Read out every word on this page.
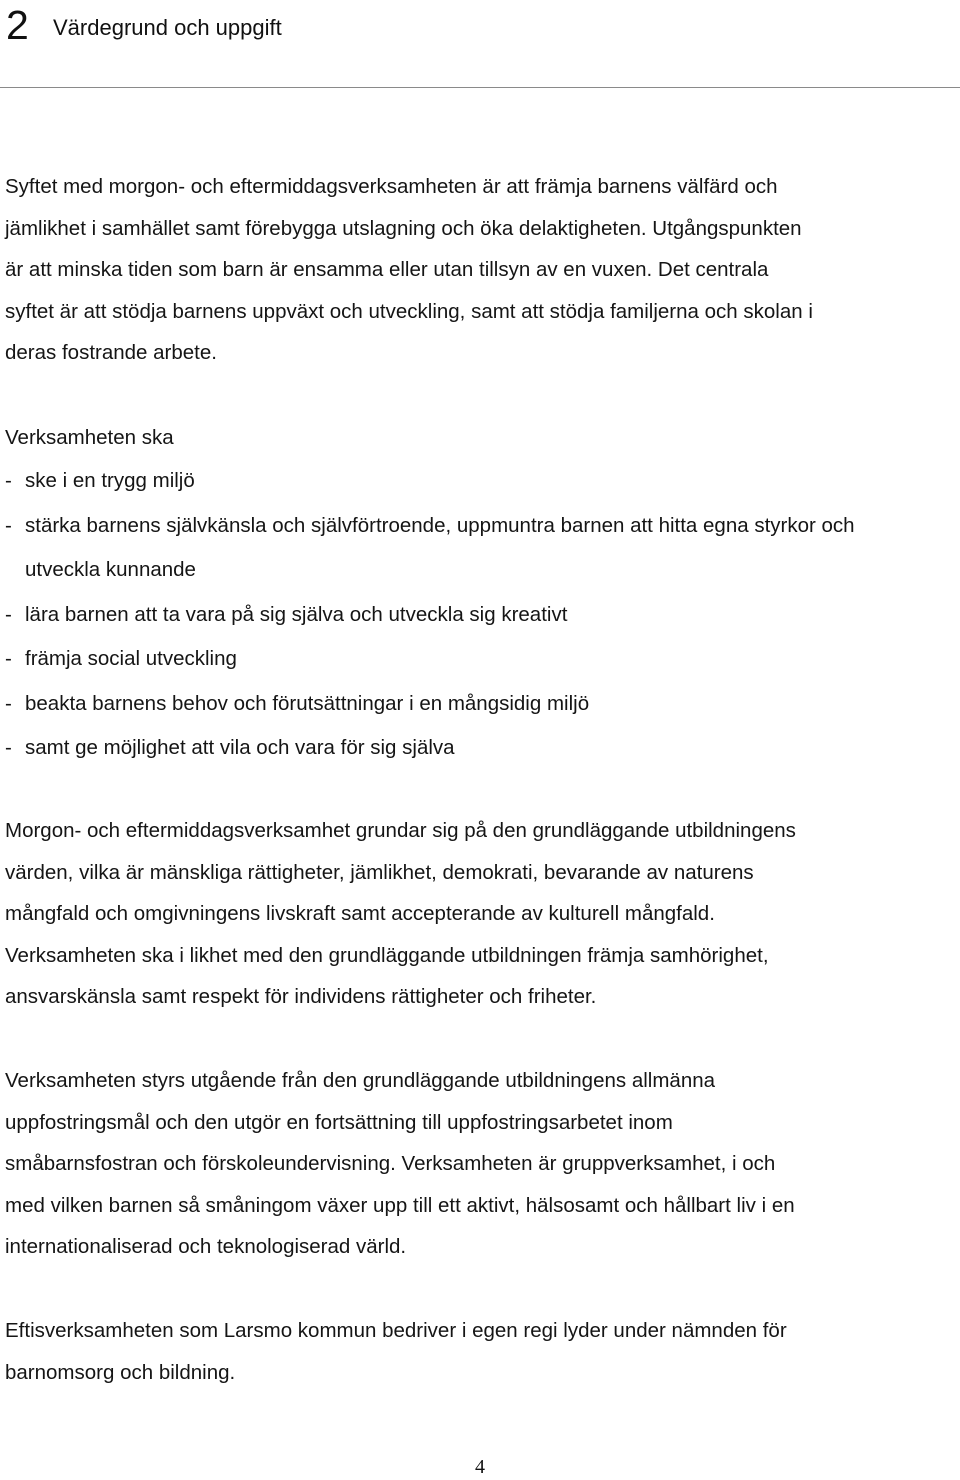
2 Värdegrund och uppgift

Syftet med morgon- och eftermiddagsverksamheten är att främja barnens välfärd och
jämlikhet i samhället samt förebygga utslagning och öka delaktigheten. Utgångspunkten
är att minska tiden som barn är ensamma eller utan tillsyn av en vuxen. Det centrala
syftet är att stödja barnens uppväxt och utveckling, samt att stödja familjerna och skolan i
deras fostrande arbete.

Verksamheten ska

- ske i en trygg miljö
- stärka barnens självkänsla och självförtroende, uppmuntra barnen att hitta egna styrkor och utveckla kunnande
- lära barnen att ta vara på sig själva och utveckla sig kreativt
- främja social utveckling
- beakta barnens behov och förutsättningar i en mångsidig miljö
- samt ge möjlighet att vila och vara för sig själva

Morgon- och eftermiddagsverksamhet grundar sig på den grundläggande utbildningens
värden, vilka är mänskliga rättigheter, jämlikhet, demokrati, bevarande av naturens
mångfald och omgivningens livskraft samt accepterande av kulturell mångfald.
Verksamheten ska i likhet med den grundläggande utbildningen främja samhörighet,
ansvarskänsla samt respekt för individens rättigheter och friheter.

Verksamheten styrs utgående från den grundläggande utbildningens allmänna
uppfostringsmål och den utgör en fortsättning till uppfostringsarbetet inom
småbarnsfostran och förskoleundervisning. Verksamheten är gruppverksamhet, i och
med vilken barnen så småningom växer upp till ett aktivt, hälsosamt och hållbart liv i en
internationaliserad och teknologiserad värld.

Eftisverksamheten som Larsmo kommun bedriver i egen regi lyder under nämnden för
barnomsorg och bildning.

4
